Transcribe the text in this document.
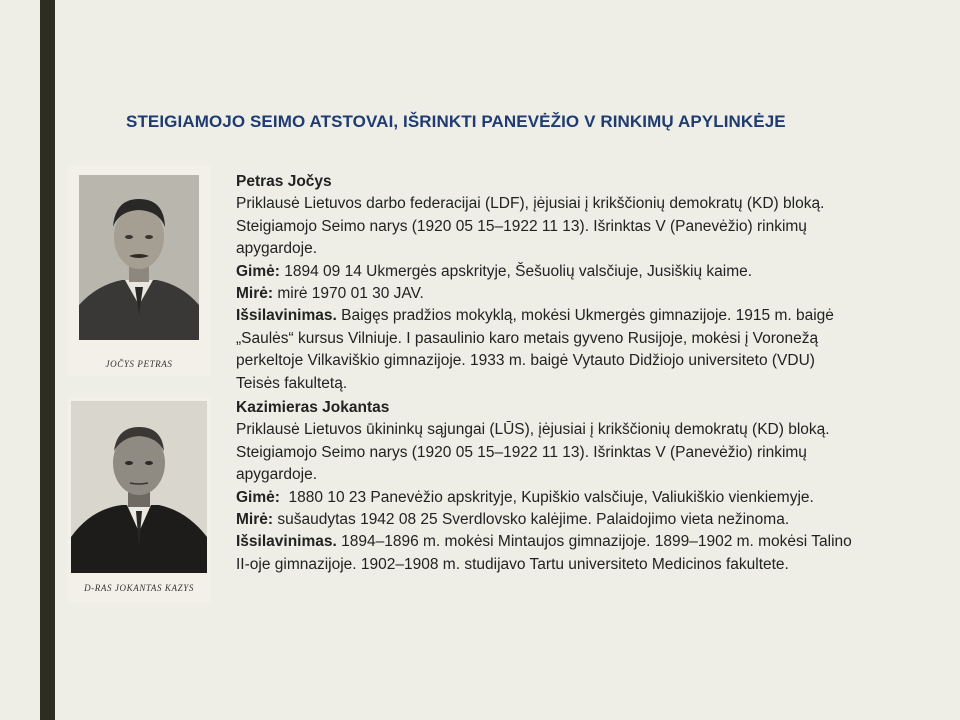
STEIGIAMOJO SEIMO ATSTOVAI, IŠRINKTI PANEVĖŽIO V RINKIMŲ APYLINKĖJE
JOČYS PETRAS
D-RAS JOKANTAS KAZYS
Petras Jočys
Priklausė Lietuvos darbo federacijai (LDF), įėjusiai į krikščionių demokratų (KD) bloką.
Steigiamojo Seimo narys (1920 05 15–1922 11 13). Išrinktas V (Panevėžio) rinkimų
apygardoje.
Gimė: 1894 09 14 Ukmergės apskrityje, Šešuolių valsčiuje, Jusiškių kaime.
Mirė: mirė 1970 01 30 JAV.
Išsilavinimas. Baigęs pradžios mokyklą, mokėsi Ukmergės gimnazijoje. 1915 m. baigė
„Saulės“ kursus Vilniuje. I pasaulinio karo metais gyveno Rusijoje, mokėsi į Voronežą
perkeltoje Vilkaviškio gimnazijoje. 1933 m. baigė Vytauto Didžiojo universiteto (VDU)
Teisės fakultetą.
Kazimieras Jokantas
Priklausė Lietuvos ūkininkų sąjungai (LŪS), įėjusiai į krikščionių demokratų (KD) bloką.
Steigiamojo Seimo narys (1920 05 15–1922 11 13). Išrinktas V (Panevėžio) rinkimų
apygardoje.
Gimė:  1880 10 23 Panevėžio apskrityje, Kupiškio valsčiuje, Valiukiškio vienkiemyje.
Mirė: sušaudytas 1942 08 25 Sverdlovsko kalėjime. Palaidojimo vieta nežinoma.
Išsilavinimas. 1894–1896 m. mokėsi Mintaujos gimnazijoje. 1899–1902 m. mokėsi Talino
II-oje gimnazijoje. 1902–1908 m. studijavo Tartu universiteto Medicinos fakultete.
